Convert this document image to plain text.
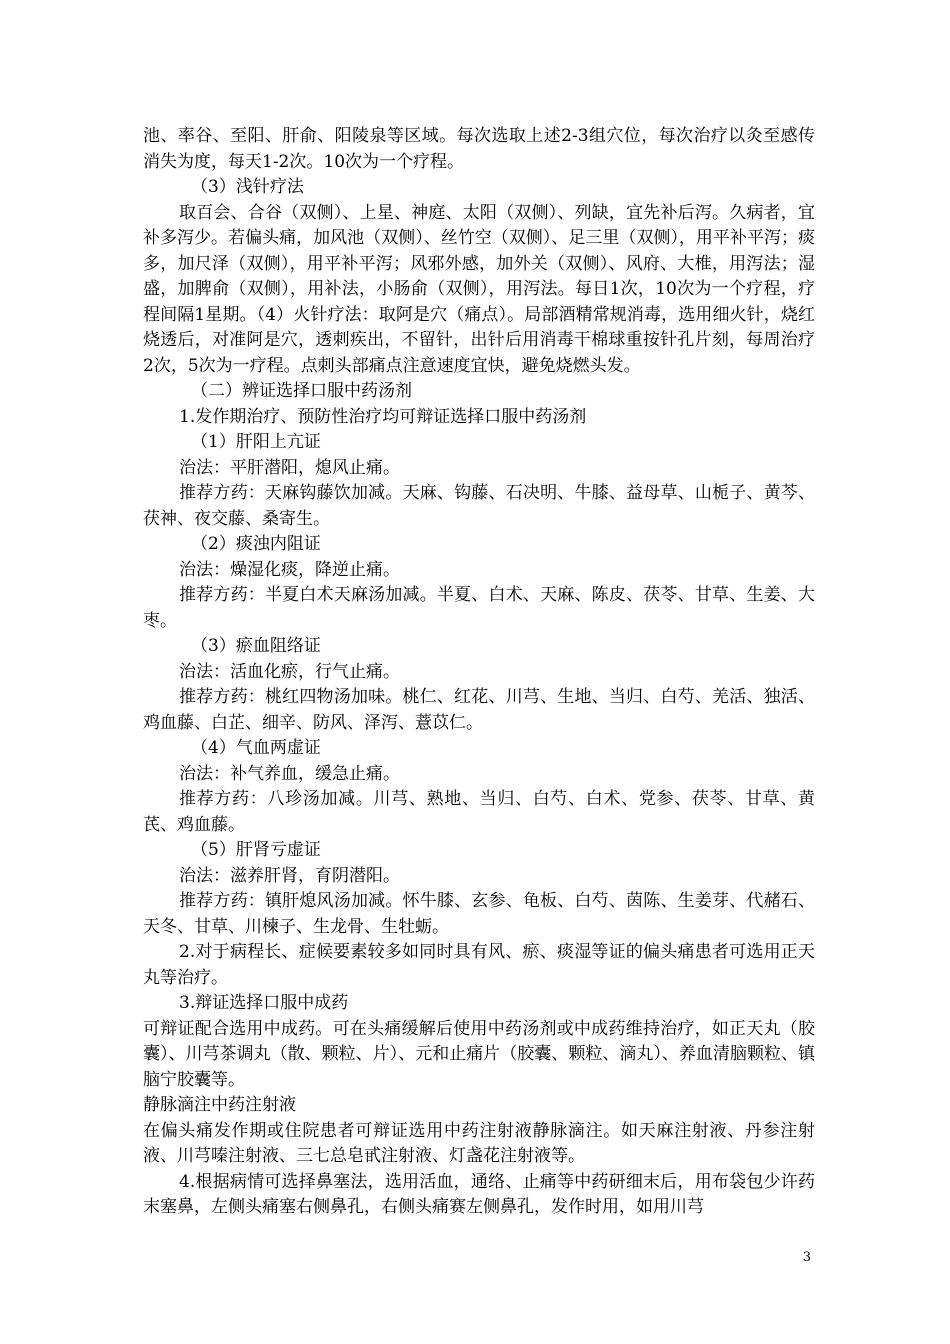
池、率谷、至阳、肝俞、阳陵泉等区域。每次选取上述2-3组穴位，每次治疗以灸至感传消失为度，每天1-2次。10次为一个疗程。

（3）浅针疗法

取百会、合谷（双侧）、上星、神庭、太阳（双侧）、列缺，宜先补后泻。久病者，宜补多泻少。若偏头痛，加风池（双侧）、丝竹空（双侧）、足三里（双侧），用平补平泻；痰多，加尺泽（双侧），用平补平泻；风邪外感，加外关（双侧）、风府、大椎，用泻法；湿盛，加脾俞（双侧），用补法，小肠俞（双侧），用泻法。每日1次，10次为一个疗程，疗程间隔1星期。（4）火针疗法：取阿是穴（痛点）。局部酒精常规消毒，选用细火针，烧红烧透后，对准阿是穴，透刺疾出，不留针，出针后用消毒干棉球重按针孔片刻，每周治疗2次，5次为一疗程。点刺头部痛点注意速度宜快，避免烧燃头发。

（二）辨证选择口服中药汤剂

1.发作期治疗、预防性治疗均可辩证选择口服中药汤剂

（1）肝阳上亢证

治法：平肝潜阳，熄风止痛。

推荐方药：天麻钩藤饮加减。天麻、钩藤、石决明、牛膝、益母草、山栀子、黄芩、茯神、夜交藤、桑寄生。

（2）痰浊内阻证

治法：燥湿化痰，降逆止痛。

推荐方药：半夏白术天麻汤加减。半夏、白术、天麻、陈皮、茯苓、甘草、生姜、大枣。

（3）瘀血阻络证

治法：活血化瘀，行气止痛。

推荐方药：桃红四物汤加味。桃仁、红花、川芎、生地、当归、白芍、羌活、独活、鸡血藤、白芷、细辛、防风、泽泻、薏苡仁。

（4）气血两虚证

治法：补气养血，缓急止痛。

推荐方药：八珍汤加减。川芎、熟地、当归、白芍、白术、党参、茯苓、甘草、黄芪、鸡血藤。

（5）肝肾亏虚证

治法：滋养肝肾，育阴潜阳。

推荐方药：镇肝熄风汤加减。怀牛膝、玄参、龟板、白芍、茵陈、生姜芽、代赭石、天冬、甘草、川楝子、生龙骨、生牡蛎。

2.对于病程长、症候要素较多如同时具有风、瘀、痰湿等证的偏头痛患者可选用正天丸等治疗。

3.辩证选择口服中成药

可辩证配合选用中成药。可在头痛缓解后使用中药汤剂或中成药维持治疗，如正天丸（胶囊）、川芎茶调丸（散、颗粒、片）、元和止痛片（胶囊、颗粒、滴丸）、养血清脑颗粒、镇脑宁胶囊等。

静脉滴注中药注射液

在偏头痛发作期或住院患者可辩证选用中药注射液静脉滴注。如天麻注射液、丹参注射液、川芎嗪注射液、三七总皂甙注射液、灯盏花注射液等。

4.根据病情可选择鼻塞法，选用活血，通络、止痛等中药研细末后，用布袋包少许药末塞鼻，左侧头痛塞右侧鼻孔，右侧头痛赛左侧鼻孔，发作时用，如用川芎

3
